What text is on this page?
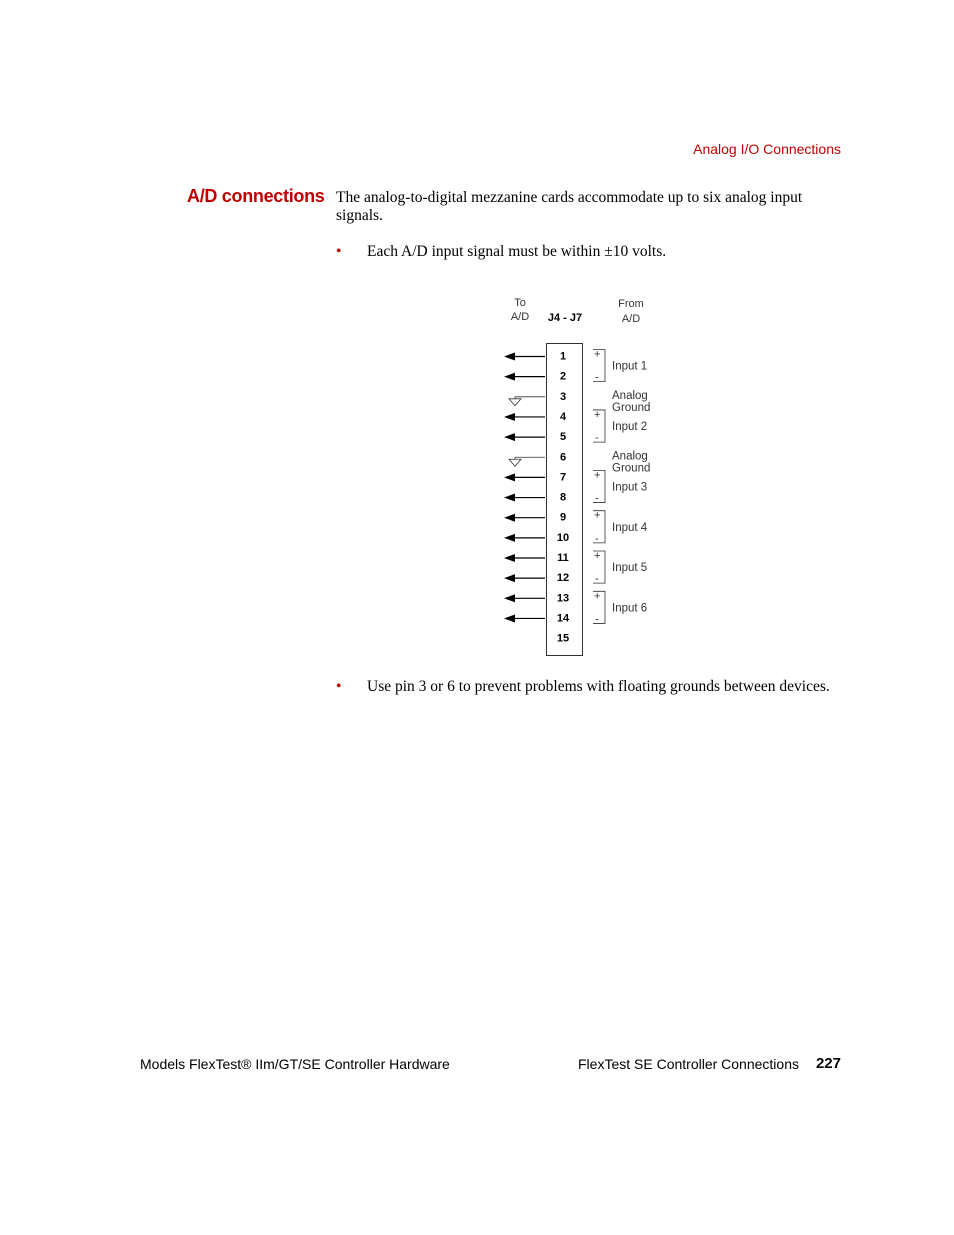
Analog I/O Connections
A/D connections The analog-to-digital mezzanine cards accommodate up to six analog input signals.
• Each A/D input signal must be within ±10 volts.
To
A/D J4 - J7
From
A/D
1
2
3
4
5
6
7
8
9
10
11
12
13
14
15
+
-
Input 1
+
-
Input 2
+
-
Input 3
+
-
Input 4
+
-
Input 5
+
-
Input 6
Analog
Ground
Analog
Ground
• Use pin 3 or 6 to prevent problems with floating grounds between devices.
Models FlexTest® IIm/GT/SE Controller Hardware	FlexTest SE Controller Connections 227
